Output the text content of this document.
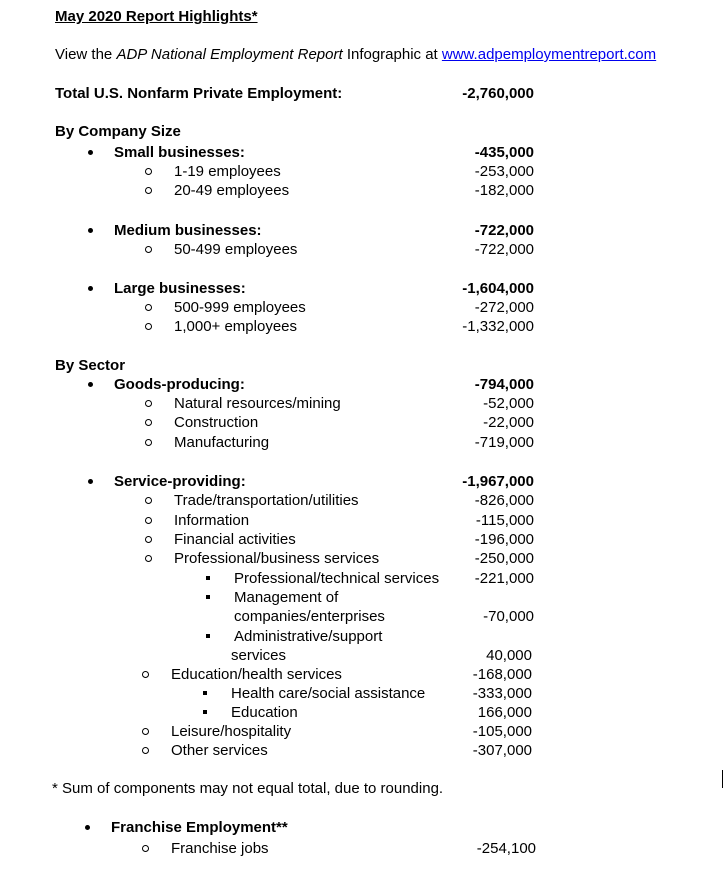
May 2020 Report Highlights*
View the ADP National Employment Report Infographic at www.adpemploymentreport.com
Total U.S. Nonfarm Private Employment:	-2,760,000
By Company Size
Small businesses:	-435,000
1-19 employees	-253,000
20-49 employees	-182,000
Medium businesses:	-722,000
50-499 employees	-722,000
Large businesses:	-1,604,000
500-999 employees	-272,000
1,000+ employees	-1,332,000
By Sector
Goods-producing:	-794,000
Natural resources/mining	-52,000
Construction	-22,000
Manufacturing	-719,000
Service-providing:	-1,967,000
Trade/transportation/utilities	-826,000
Information	-115,000
Financial activities	-196,000
Professional/business services	-250,000
Professional/technical services -221,000
Management of
companies/enterprises	-70,000
Administrative/support
services	40,000
Education/health services	-168,000
Health care/social assistance	-333,000
Education	166,000
Leisure/hospitality	-105,000
Other services	-307,000
* Sum of components may not equal total, due to rounding.
Franchise Employment**
Franchise jobs	-254,100
